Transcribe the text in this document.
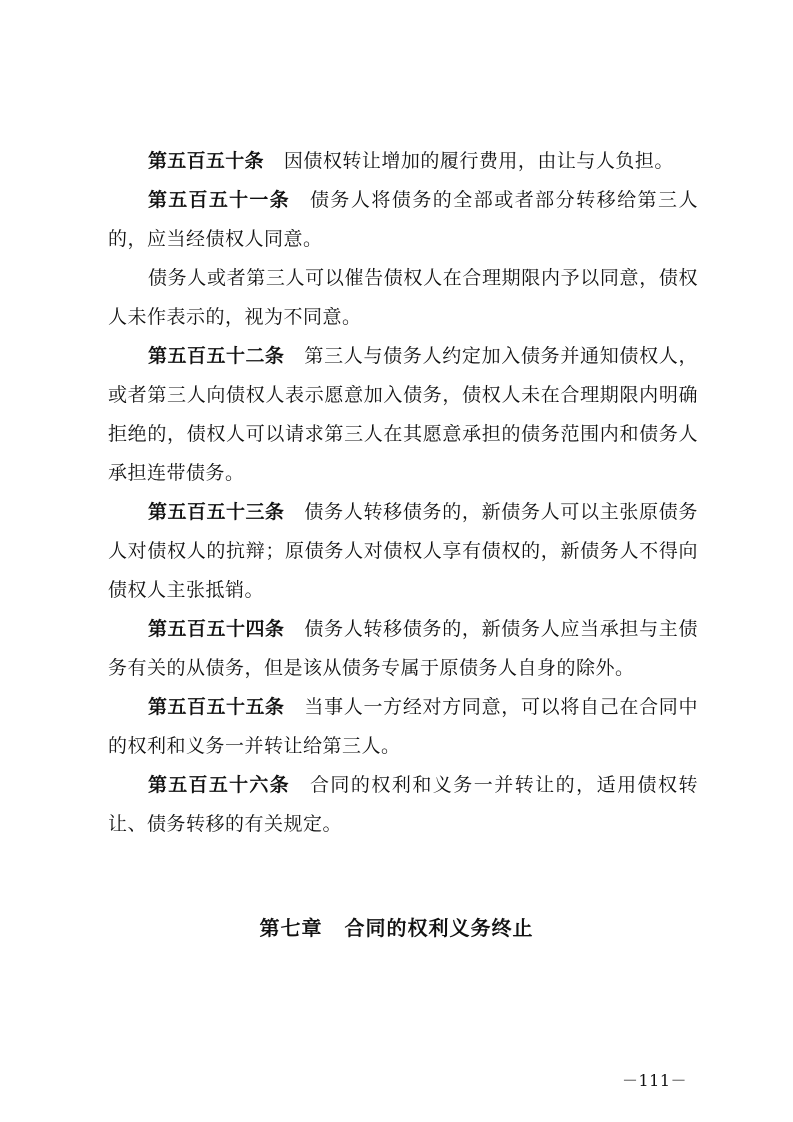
第五百五十条 因债权转让增加的履行费用，由让与人负担。

第五百五十一条 债务人将债务的全部或者部分转移给第三人的，应当经债权人同意。

债务人或者第三人可以催告债权人在合理期限内予以同意，债权人未作表示的，视为不同意。

第五百五十二条 第三人与债务人约定加入债务并通知债权人，或者第三人向债权人表示愿意加入债务，债权人未在合理期限内明确拒绝的，债权人可以请求第三人在其愿意承担的债务范围内和债务人承担连带债务。

第五百五十三条 债务人转移债务的，新债务人可以主张原债务人对债权人的抗辩；原债务人对债权人享有债权的，新债务人不得向债权人主张抵销。

第五百五十四条 债务人转移债务的，新债务人应当承担与主债务有关的从债务，但是该从债务专属于原债务人自身的除外。

第五百五十五条 当事人一方经对方同意，可以将自己在合同中的权利和义务一并转让给第三人。

第五百五十六条 合同的权利和义务一并转让的，适用债权转让、债务转移的有关规定。

第七章 合同的权利义务终止
－111－
